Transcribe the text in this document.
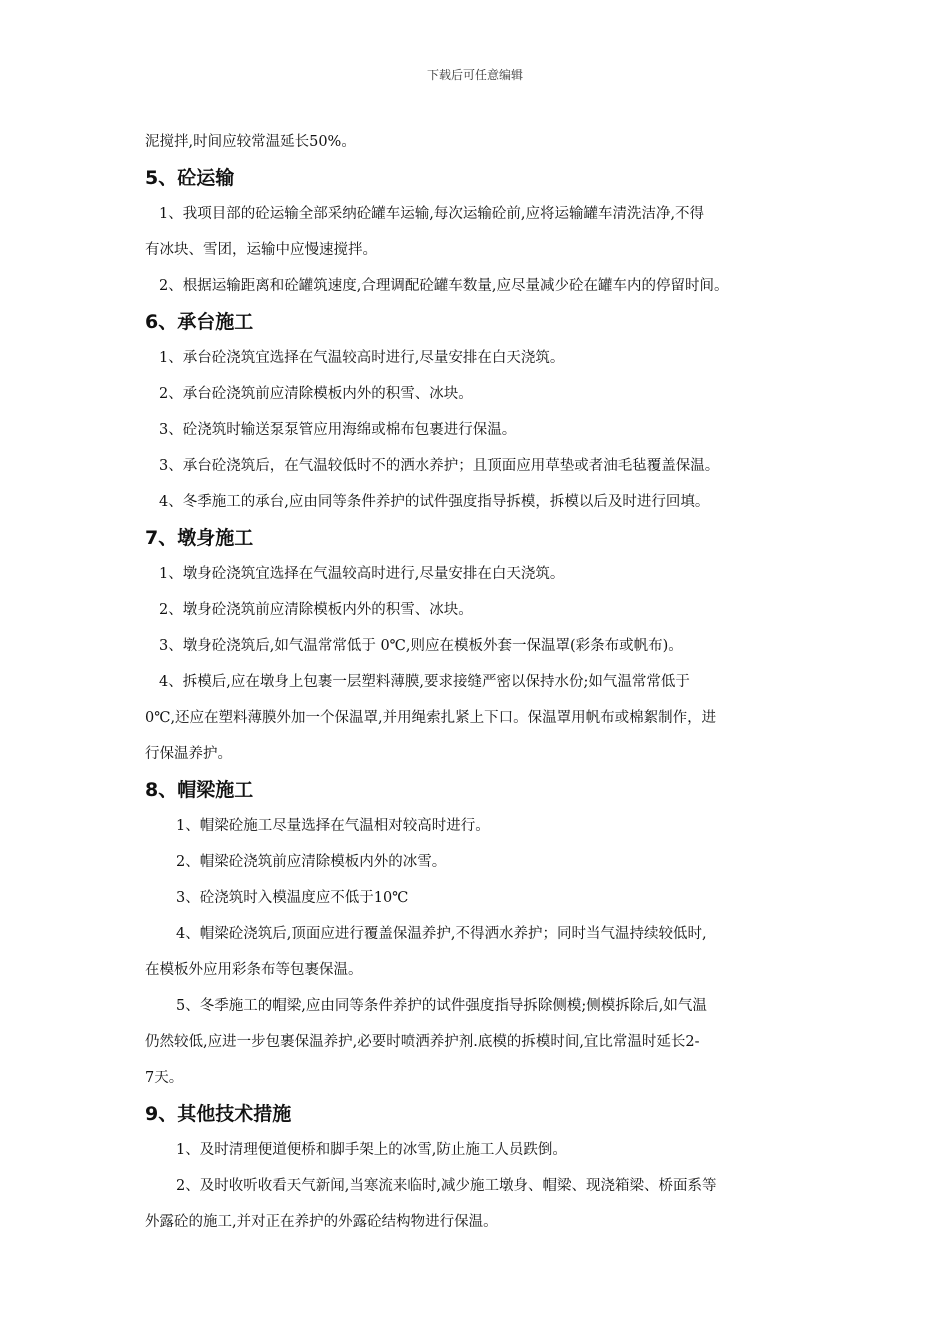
下载后可任意编辑

泥搅拌,时间应较常温延长50%。

5、砼运输

1、我项目部的砼运输全部采纳砼罐车运输,每次运输砼前,应将运输罐车清洗洁净,不得

有冰块、雪团，运输中应慢速搅拌。

2、根据运输距离和砼罐筑速度,合理调配砼罐车数量,应尽量减少砼在罐车内的停留时间。

6、承台施工

1、承台砼浇筑宜选择在气温较高时进行,尽量安排在白天浇筑。

2、承台砼浇筑前应清除模板内外的积雪、冰块。

3、砼浇筑时输送泵泵管应用海绵或棉布包裹进行保温。

3、承台砼浇筑后，在气温较低时不的洒水养护；且顶面应用草垫或者油毛毡覆盖保温。

4、冬季施工的承台,应由同等条件养护的试件强度指导拆模，拆模以后及时进行回填。

7、墩身施工

1、墩身砼浇筑宜选择在气温较高时进行,尽量安排在白天浇筑。

2、墩身砼浇筑前应清除模板内外的积雪、冰块。

3、墩身砼浇筑后,如气温常常低于 0℃,则应在模板外套一保温罩(彩条布或帆布)。

4、拆模后,应在墩身上包裹一层塑料薄膜,要求接缝严密以保持水份;如气温常常低于

0℃,还应在塑料薄膜外加一个保温罩,并用绳索扎紧上下口。保温罩用帆布或棉絮制作，进

行保温养护。

8、帽梁施工

1、帽梁砼施工尽量选择在气温相对较高时进行。

2、帽梁砼浇筑前应清除模板内外的冰雪。

3、砼浇筑时入模温度应不低于10℃

4、帽梁砼浇筑后,顶面应进行覆盖保温养护,不得洒水养护；同时当气温持续较低时,

在模板外应用彩条布等包裹保温。

5、冬季施工的帽梁,应由同等条件养护的试件强度指导拆除侧模;侧模拆除后,如气温

仍然较低,应进一步包裹保温养护,必要时喷洒养护剂.底模的拆模时间,宜比常温时延长2-

7天。

9、其他技术措施

1、及时清理便道便桥和脚手架上的冰雪,防止施工人员跌倒。

2、及时收听收看天气新闻,当寒流来临时,减少施工墩身、帽梁、现浇箱梁、桥面系等

外露砼的施工,并对正在养护的外露砼结构物进行保温。
